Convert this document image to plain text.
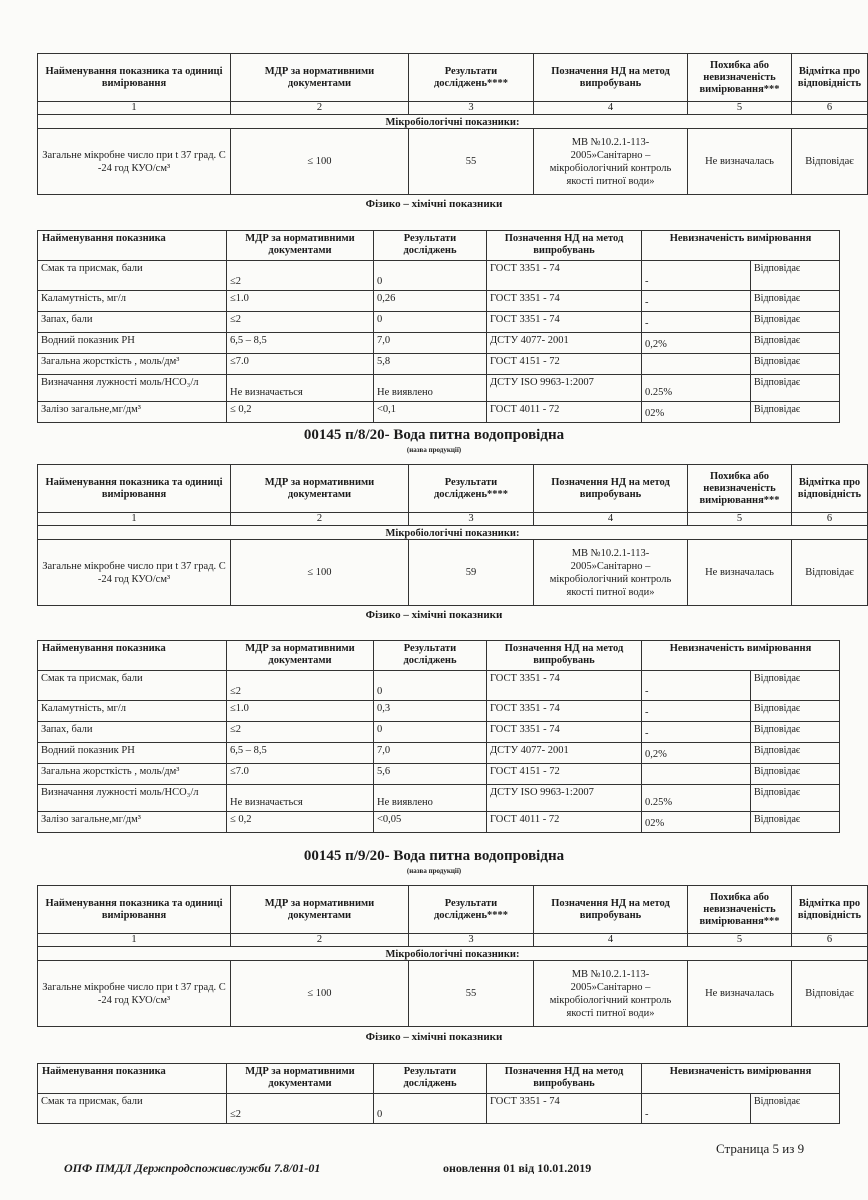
Найменування показника та одиниці вимірювання	МДР за нормативними документами	Результати досліджень****	Позначення НД на метод випробувань	Похибка або невизначеність вимірювання***	Відмітка про відповідність
1	2	3	4	5	6
Мікробіологічні показники:					
Загальне мікробне число при t 37 град. С -24 год КУО/см³	≤ 100	55	МВ №10.2.1-113-2005»Санітарно – мікробіологічний контроль якості питної води»	Не визначалась	Відповідає
Фізико – хімічні показники
Найменування показника	МДР за нормативними документами	Результати досліджень	Позначення НД на метод випробувань	Невизначеність вимірювання	
Смак та присмак, бали	≤2	0	ГОСТ 3351 - 74	-	Відповідає
Каламутність, мг/л	≤1.0	0,26	ГОСТ 3351 - 74	-	Відповідає
Запах, бали	≤2	0	ГОСТ 3351 - 74	-	Відповідає
Водний показник РН	6,5 – 8,5	7,0	ДСТУ 4077- 2001	0,2%	Відповідає
Загальна жорсткість , моль/дм³	≤7.0	5,8	ГОСТ 4151 - 72		Відповідає
Визначання лужності моль/НСО₃/л	Не визначається	Не виявлено	ДСТУ ISO 9963-1:2007	0.25%	Відповідає
Залізо загальне,мг/дм³	≤ 0,2	<0,1	ГОСТ 4011 - 72	02%	Відповідає
00145 п/8/20- Вода питна водопровідна
(назва продукції)
Найменування показника та одиниці вимірювання	МДР за нормативними документами	Результати досліджень****	Позначення НД на метод випробувань	Похибка або невизначеність вимірювання***	Відмітка про відповідність
1	2	3	4	5	6
Мікробіологічні показники:					
Загальне мікробне число при t 37 град. С -24 год КУО/см³	≤ 100	59	МВ №10.2.1-113-2005»Санітарно – мікробіологічний контроль якості питної води»	Не визначалась	Відповідає
Фізико – хімічні показники
Найменування показника	МДР за нормативними документами	Результати досліджень	Позначення НД на метод випробувань	Невизначеність вимірювання	
Смак та присмак, бали	≤2	0	ГОСТ 3351 - 74	-	Відповідає
Каламутність, мг/л	≤1.0	0,3	ГОСТ 3351 - 74	-	Відповідає
Запах, бали	≤2	0	ГОСТ 3351 - 74	-	Відповідає
Водний показник РН	6,5 – 8,5	7,0	ДСТУ 4077- 2001	0,2%	Відповідає
Загальна жорсткість , моль/дм³	≤7.0	5,6	ГОСТ 4151 - 72		Відповідає
Визначання лужності моль/НСО₃/л	Не визначається	Не виявлено	ДСТУ ISO 9963-1:2007	0.25%	Відповідає
Залізо загальне,мг/дм³	≤ 0,2	<0,05	ГОСТ 4011 - 72	02%	Відповідає
00145 п/9/20- Вода питна водопровідна
(назва продукції)
Найменування показника та одиниці вимірювання	МДР за нормативними документами	Результати досліджень****	Позначення НД на метод випробувань	Похибка або невизначеність вимірювання***	Відмітка про відповідність
1	2	3	4	5	6
Мікробіологічні показники:					
Загальне мікробне число при t 37 град. С -24 год КУО/см³	≤ 100	55	МВ №10.2.1-113-2005»Санітарно – мікробіологічний контроль якості питної води»	Не визначалась	Відповідає
Фізико – хімічні показники
Найменування показника	МДР за нормативними документами	Результати досліджень	Позначення НД на метод випробувань	Невизначеність вимірювання	
Смак та присмак, бали	≤2	0	ГОСТ 3351 - 74	-	Відповідає
Страница 5 из 9
ОПФ ПМДЛ Держпродспоживслужби 7.8/01-01	оновлення 01 від 10.01.2019
